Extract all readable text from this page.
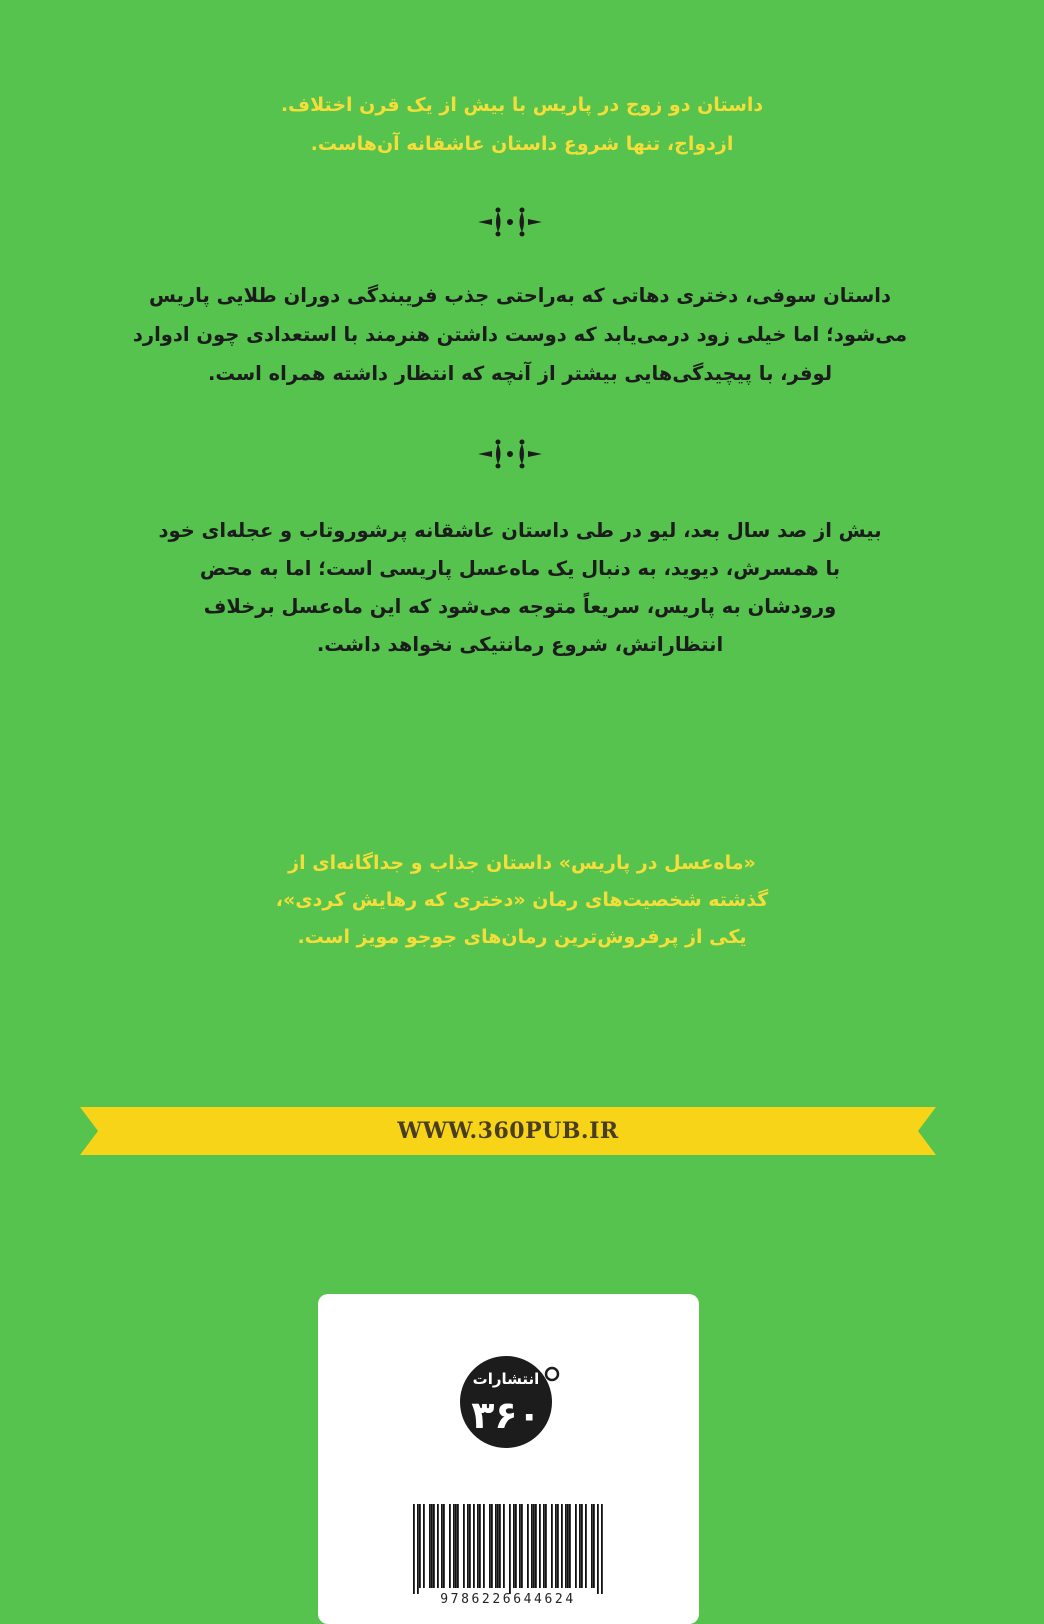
داستان دو زوج در پاریس با بیش از یک قرن اختلاف.
ازدواج، تنها شروع داستان عاشقانه آن‌هاست.
داستان سوفی، دختری دهاتی که به‌راحتی جذب فریبندگی دوران طلایی پاریس
می‌شود؛ اما خیلی زود درمی‌یابد که دوست داشتن هنرمند با استعدادی چون ادوارد
لوفر، با پیچیدگی‌هایی بیشتر از آنچه که انتظار داشته همراه است.
بیش از صد سال بعد، لیو در طی داستان عاشقانه پرشوروتاب و عجله‌ای خود
با همسرش، دیوید، به دنبال یک ماه‌عسل پاریسی است؛ اما به محض
ورودشان به پاریس، سریعاً متوجه می‌شود که این ماه‌عسل برخلاف
انتظاراتش، شروع رمانتیکی نخواهد داشت.
«ماه‌عسل در پاریس» داستان جذاب و جداگانه‌ای از
گذشته شخصیت‌های رمان «دختری که رهایش کردی»،
یکی از پرفروش‌ترین رمان‌های جوجو مویز است.
WWW.360PUB.IR
انتشارات
۳۶۰
9786226644624
